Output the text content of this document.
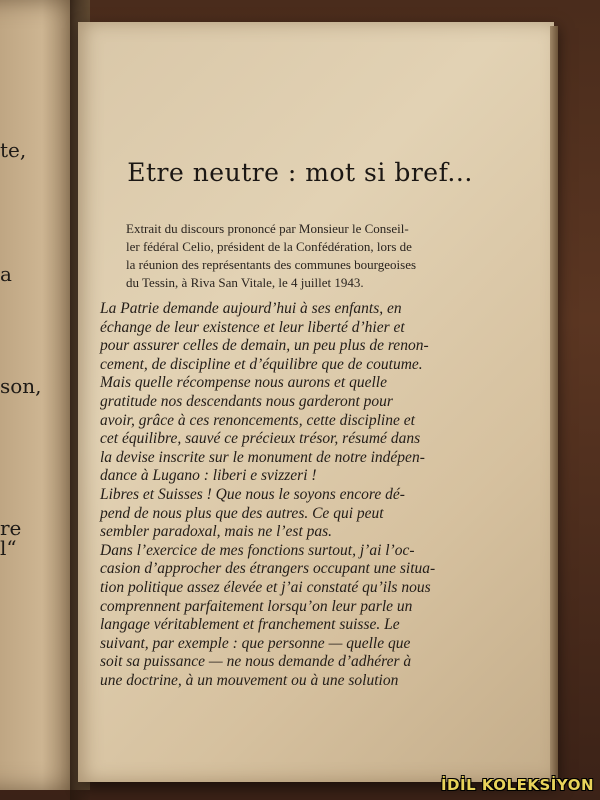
te,
a
son,
re
l“
Etre neutre : mot si bref...
Extrait du discours prononcé par Monsieur le Conseil-
ler fédéral Celio, président de la Confédération, lors de
la réunion des représentants des communes bourgeoises
du Tessin, à Riva San Vitale, le 4 juillet 1943.
La Patrie demande aujourd’hui à ses enfants, en
échange de leur existence et leur liberté d’hier et
pour assurer celles de demain, un peu plus de renon-
cement, de discipline et d’équilibre que de coutume.
Mais quelle récompense nous aurons et quelle
gratitude nos descendants nous garderont pour
avoir, grâce à ces renoncements, cette discipline et
cet équilibre, sauvé ce précieux trésor, résumé dans
la devise inscrite sur le monument de notre indépen-
dance à Lugano : liberi e svizzeri !
Libres et Suisses ! Que nous le soyons encore dé-
pend de nous plus que des autres. Ce qui peut
sembler paradoxal, mais ne l’est pas.
Dans l’exercice de mes fonctions surtout, j’ai l’oc-
casion d’approcher des étrangers occupant une situa-
tion politique assez élevée et j’ai constaté qu’ils nous
comprennent parfaitement lorsqu’on leur parle un
langage véritablement et franchement suisse. Le
suivant, par exemple : que personne — quelle que
soit sa puissance — ne nous demande d’adhérer à
une doctrine, à un mouvement ou à une solution
İDİL KOLEKSİYON
